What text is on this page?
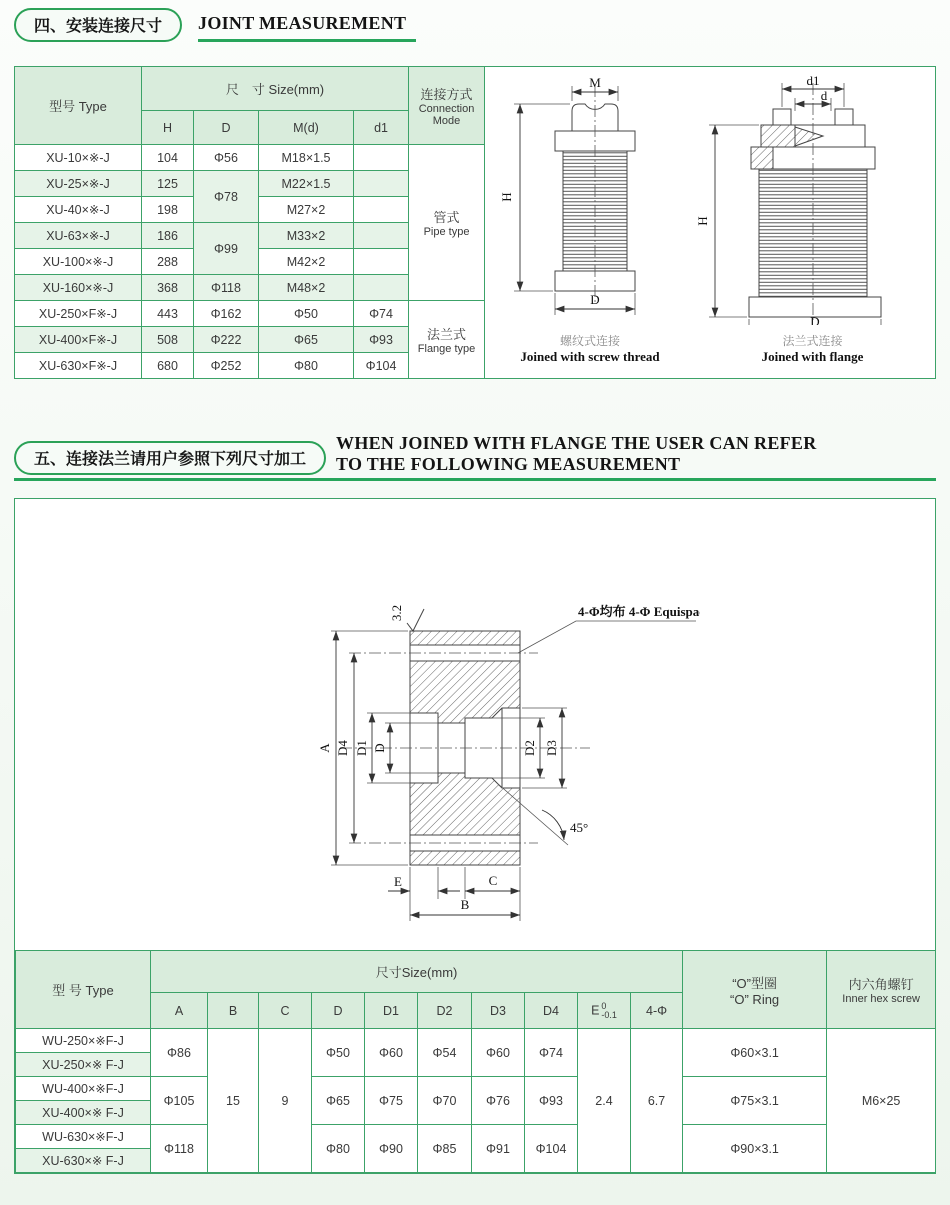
四、安装连接尺寸	JOINT MEASUREMENT
型号 Type	尺　寸 Size(mm)				连接方式
Connection Mode

	H	D	M(d)	d1	
XU-10×※-J	104	Φ56	M18×1.5		管式
Pipe type

XU-25×※-J	125	Φ78	M22×1.5		
XU-40×※-J	198		M27×2		
XU-63×※-J	186	Φ99	M33×2		
XU-100×※-J	288		M42×2		
XU-160×※-J	368	Φ118	M48×2		
XU-250×F※-J	443	Φ162	Φ50	Φ74	法兰式
Flange type

XU-400×F※-J	508	Φ222	Φ65	Φ93	
XU-630×F※-J	680	Φ252	Φ80	Φ104	
M
H
D
螺纹式连接
Joined with screw thread
d1
d
H
D
法兰式连接
Joined with flange
五、连接法兰请用户参照下列尺寸加工
WHEN JOINED WITH FLANGE THE USER CAN REFER
TO THE FOLLOWING MEASUREMENT
A D4 D1 D	D2 D3
E	C
B
4-Φ均布 4-Φ Equispace
45°
3.2
型 号 Type	尺寸Size(mm)	
“O”型圈
“O” Ring

内六角螺钉
Inner hex screw

	A	B	C	D	D1	D2	D3	D4	E 0
-0.1	4-Φ		
WU-250×※F-J	Φ86	15	9	Φ50	Φ60	Φ54	Φ60	Φ74	2.4	6.7	Φ60×3.1	M6×25
XU-250×※ F-J												
WU-400×※F-J	Φ105			Φ65	Φ75	Φ70	Φ76	Φ93			Φ75×3.1	
XU-400×※ F-J												
WU-630×※F-J	Φ118			Φ80	Φ90	Φ85	Φ91	Φ104			Φ90×3.1	
XU-630×※ F-J												
